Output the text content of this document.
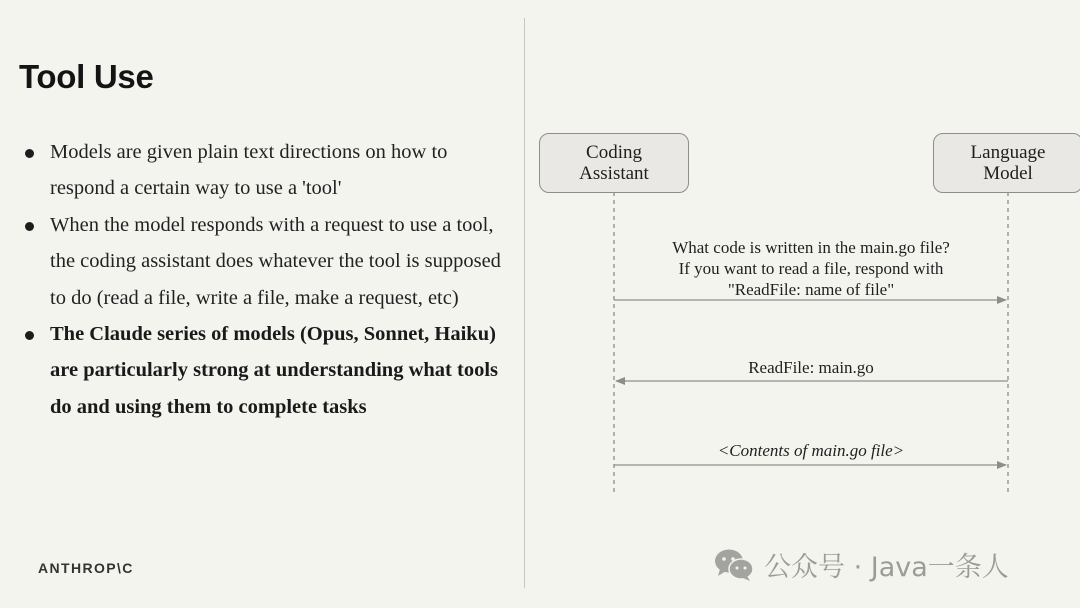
Tool Use
Models are given plain text directions on how to respond a certain way to use a 'tool'
When the model responds with a request to use a tool, the coding assistant does whatever the tool is supposed to do (read a file, write a file, make a request, etc)
The Claude series of models (Opus, Sonnet, Haiku) are particularly strong at understanding what tools do and using them to complete tasks
ANTHROP\C
Coding
Assistant
Language
Model
What code is written in the main.go file?
If you want to read a file, respond with
"ReadFile: name of file"
ReadFile: main.go
<Contents of main.go file>
公众号 · Java一条人
